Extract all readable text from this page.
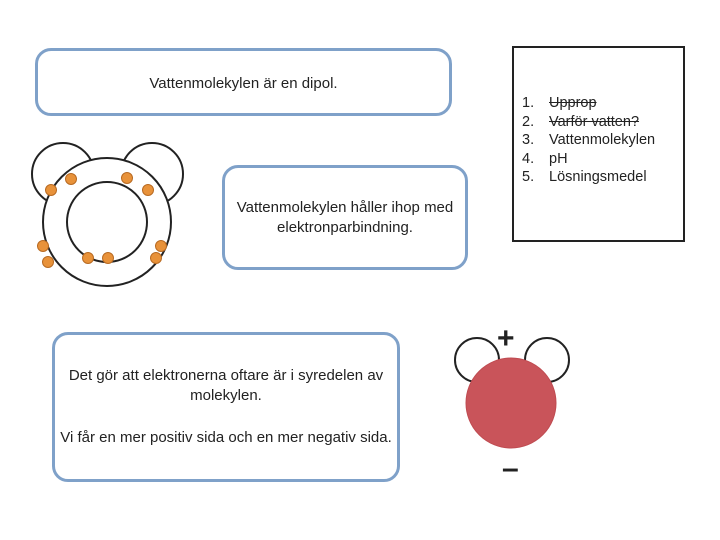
+
–
Vattenmolekylen är en dipol.
Vattenmolekylen håller ihop med elektronparbindning.

Det gör att elektronerna oftare är i syredelen av molekylen.

Vi får en mer positiv sida och en mer negativ sida.

1.	Upprop
2.	Varför vatten?
3.	Vattenmolekylen
4.	pH
5.	Lösningsmedel
